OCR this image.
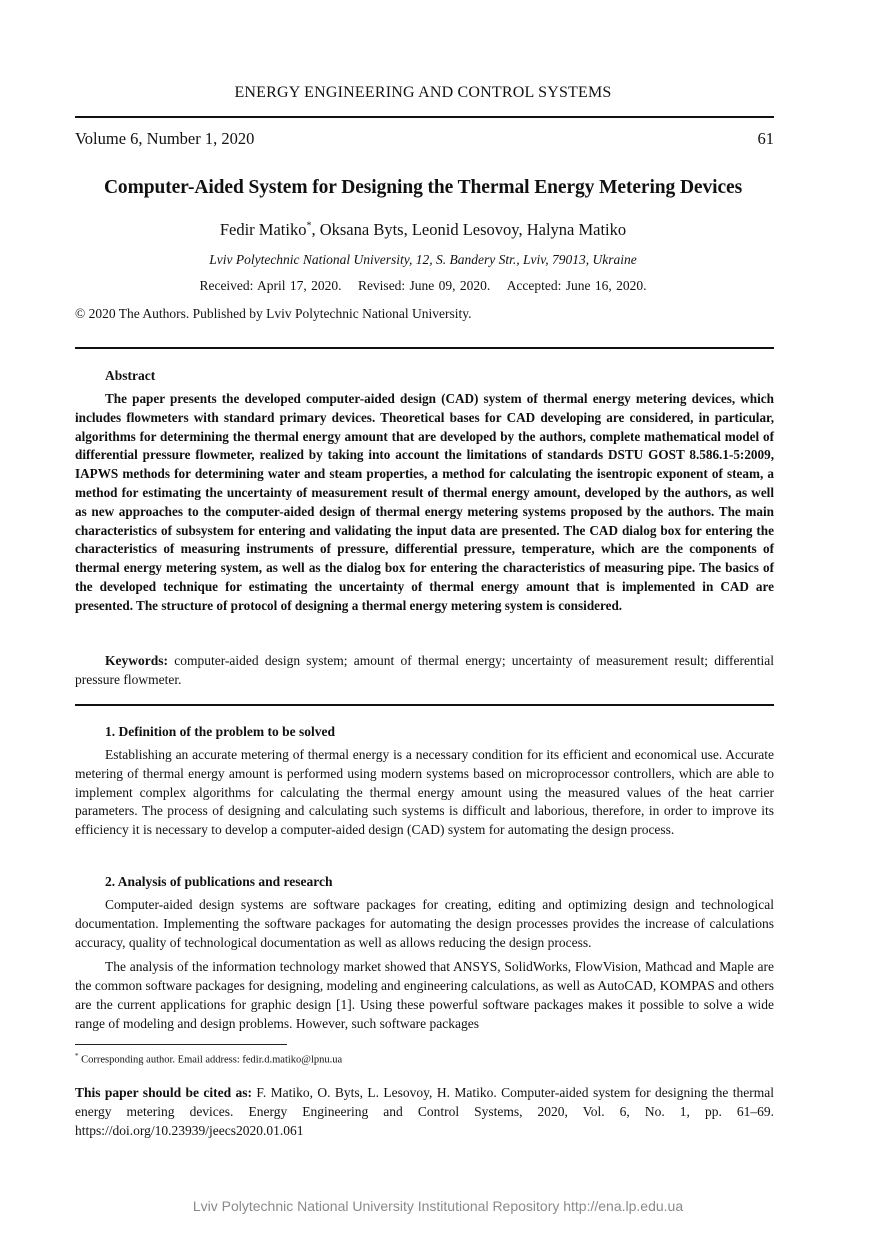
ENERGY ENGINEERING AND CONTROL SYSTEMS
Volume 6, Number 1, 2020	61
Computer-Aided System for Designing the Thermal Energy Metering Devices
Fedir Matiko*, Oksana Byts, Leonid Lesovoy, Halyna Matiko
Lviv Polytechnic National University, 12, S. Bandery Str., Lviv, 79013, Ukraine
Received: April 17, 2020. Revised: June 09, 2020. Accepted: June 16, 2020.
© 2020 The Authors. Published by Lviv Polytechnic National University.
Abstract

The paper presents the developed computer-aided design (CAD) system of thermal energy metering devices, which includes flowmeters with standard primary devices. Theoretical bases for CAD developing are considered, in particular, algorithms for determining the thermal energy amount that are developed by the authors, complete mathematical model of differential pressure flowmeter, realized by taking into account the limitations of standards DSTU GOST 8.586.1-5:2009, IAPWS methods for determining water and steam properties, a method for calculating the isentropic exponent of steam, a method for estimating the uncertainty of measurement result of thermal energy amount, developed by the authors, as well as new approaches to the computer-aided design of thermal energy metering systems proposed by the authors. The main characteristics of subsystem for entering and validating the input data are presented. The CAD dialog box for entering the characteristics of measuring instruments of pressure, differential pressure, temperature, which are the components of thermal energy metering system, as well as the dialog box for entering the characteristics of measuring pipe. The basics of the developed technique for estimating the uncertainty of thermal energy amount that is implemented in CAD are presented. The structure of protocol of designing a thermal energy metering system is considered.

Keywords: computer-aided design system; amount of thermal energy; uncertainty of measurement result; differential pressure flowmeter.

1. Definition of the problem to be solved

Establishing an accurate metering of thermal energy is a necessary condition for its efficient and economical use. Accurate metering of thermal energy amount is performed using modern systems based on microprocessor controllers, which are able to implement complex algorithms for calculating the thermal energy amount using the measured values of the heat carrier parameters. The process of designing and calculating such systems is difficult and laborious, therefore, in order to improve its efficiency it is necessary to develop a computer-aided design (CAD) system for automating the design process.

2. Analysis of publications and research

Computer-aided design systems are software packages for creating, editing and optimizing design and technological documentation. Implementing the software packages for automating the design processes provides the increase of calculations accuracy, quality of technological documentation as well as allows reducing the design process.

The analysis of the information technology market showed that ANSYS, SolidWorks, FlowVision, Mathcad and Maple are the common software packages for designing, modeling and engineering calculations, as well as AutoCAD, KOMPAS and others are the current applications for graphic design [1]. Using these powerful software packages makes it possible to solve a wide range of modeling and design problems. However, such software packages

* Corresponding author. Email address: fedir.d.matiko@lpnu.ua

This paper should be cited as: F. Matiko, O. Byts, L. Lesovoy, H. Matiko. Computer-aided system for designing the thermal energy metering devices. Energy Engineering and Control Systems, 2020, Vol. 6, No. 1, pp. 61–69. https://doi.org/10.23939/jeecs2020.01.061

Lviv Polytechnic National University Institutional Repository http://ena.lp.edu.ua
